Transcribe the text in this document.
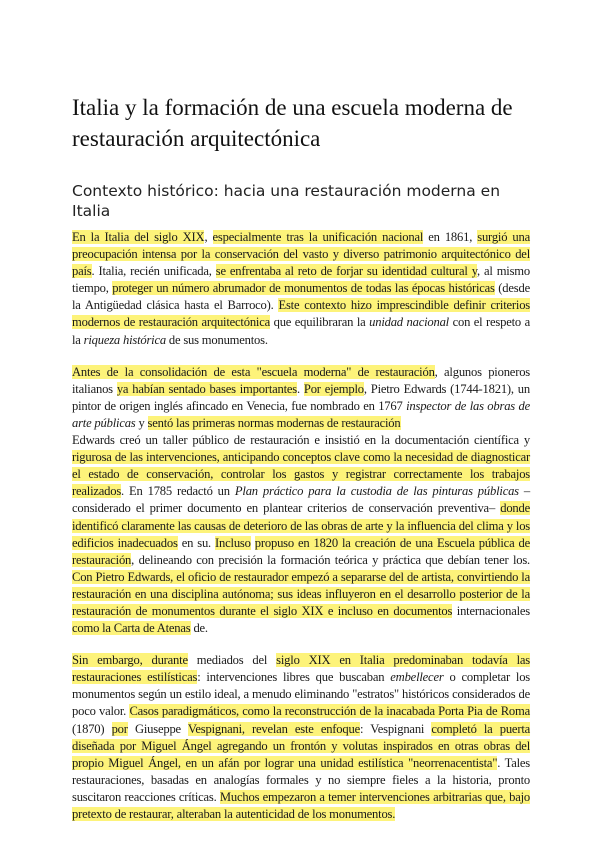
Italia y la formación de una escuela moderna de restauración arquitectónica
Contexto histórico: hacia una restauración moderna en Italia

En la Italia del siglo XIX, especialmente tras la unificación nacional en 1861, surgió una preocupación intensa por la conservación del vasto y diverso patrimonio arquitectónico del país. Italia, recién unificada, se enfrentaba al reto de forjar su identidad cultural y, al mismo tiempo, proteger un número abrumador de monumentos de todas las épocas históricas (desde la Antigüedad clásica hasta el Barroco). Este contexto hizo imprescindible definir criterios modernos de restauración arquitectónica que equilibraran la unidad nacional con el respeto a la riqueza histórica de sus monumentos.

Antes de la consolidación de esta "escuela moderna" de restauración, algunos pioneros italianos ya habían sentado bases importantes. Por ejemplo, Pietro Edwards (1744-1821), un pintor de origen inglés afincado en Venecia, fue nombrado en 1767 inspector de las obras de arte públicas y sentó las primeras normas modernas de restauración

Edwards creó un taller público de restauración e insistió en la documentación científica y rigurosa de las intervenciones, anticipando conceptos clave como la necesidad de diagnosticar el estado de conservación, controlar los gastos y registrar correctamente los trabajos realizados. En 1785 redactó un Plan práctico para la custodia de las pinturas públicas –considerado el primer documento en plantear criterios de conservación preventiva– donde identificó claramente las causas de deterioro de las obras de arte y la influencia del clima y los edificios inadecuados en su. Incluso propuso en 1820 la creación de una Escuela pública de restauración, delineando con precisión la formación teórica y práctica que debían tener los. Con Pietro Edwards, el oficio de restaurador empezó a separarse del de artista, convirtiendo la restauración en una disciplina autónoma; sus ideas influyeron en el desarrollo posterior de la restauración de monumentos durante el siglo XIX e incluso en documentos internacionales como la Carta de Atenas de.

Sin embargo, durante mediados del siglo XIX en Italia predominaban todavía las restauraciones estilísticas: intervenciones libres que buscaban embellecer o completar los monumentos según un estilo ideal, a menudo eliminando "estratos" históricos considerados de poco valor. Casos paradigmáticos, como la reconstrucción de la inacabada Porta Pia de Roma (1870) por Giuseppe Vespignani, revelan este enfoque: Vespignani completó la puerta diseñada por Miguel Ángel agregando un frontón y volutas inspirados en otras obras del propio Miguel Ángel, en un afán por lograr una unidad estilística "neorrenacentista". Tales restauraciones, basadas en analogías formales y no siempre fieles a la historia, pronto suscitaron reacciones críticas. Muchos empezaron a temer intervenciones arbitrarias que, bajo pretexto de restaurar, alteraban la autenticidad de los monumentos.
